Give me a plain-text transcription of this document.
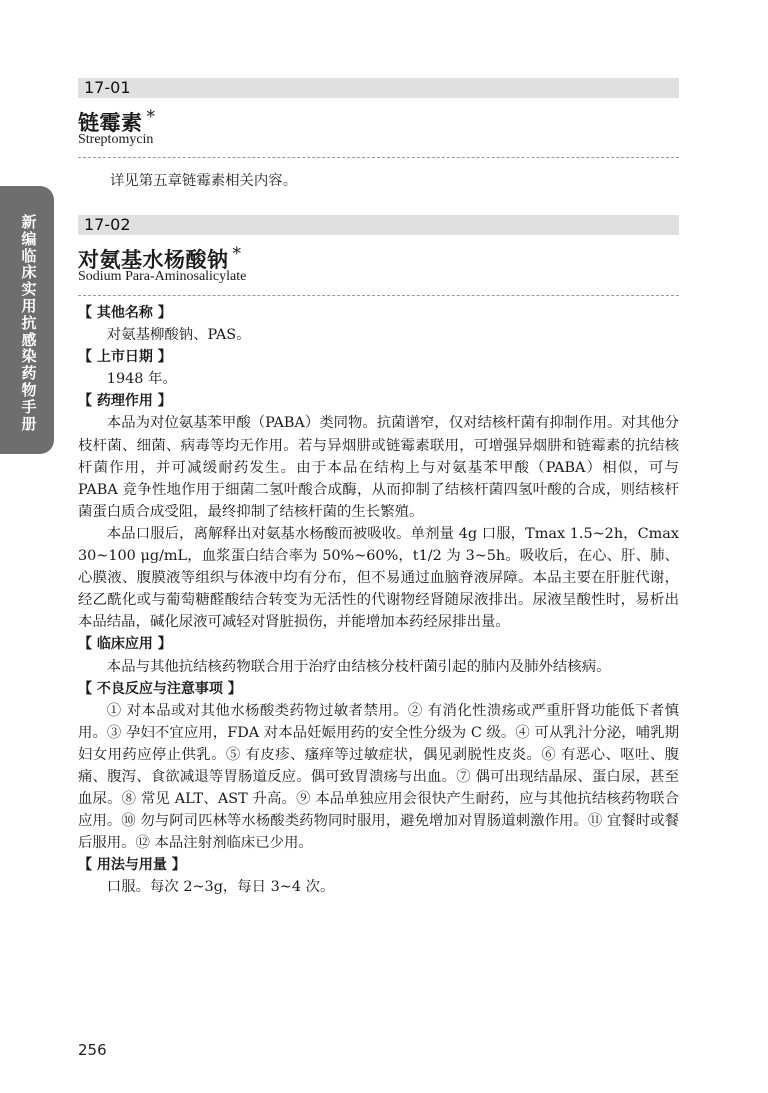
新编临床实用抗感染药物手册
17-01
链霉素 *
Streptomycin
详见第五章链霉素相关内容。
17-02
对氨基水杨酸钠 *
Sodium Para-Aminosalicylate
【 其他名称 】

对氨基柳酸钠、PAS。

【 上市日期 】

1948 年。

【 药理作用 】

本品为对位氨基苯甲酸（PABA）类同物。抗菌谱窄，仅对结核杆菌有抑制作用。对其他分枝杆菌、细菌、病毒等均无作用。若与异烟肼或链霉素联用，可增强异烟肼和链霉素的抗结核杆菌作用，并可减缓耐药发生。由于本品在结构上与对氨基苯甲酸（PABA）相似，可与 PABA 竞争性地作用于细菌二氢叶酸合成酶，从而抑制了结核杆菌四氢叶酸的合成，则结核杆菌蛋白质合成受阻，最终抑制了结核杆菌的生长繁殖。

本品口服后，离解释出对氨基水杨酸而被吸收。单剂量 4g 口服，Tmax 1.5~2h，Cmax 30~100 μg/mL，血浆蛋白结合率为 50%~60%，t1/2 为 3~5h。吸收后，在心、肝、肺、心膜液、腹膜液等组织与体液中均有分布，但不易通过血脑脊液屏障。本品主要在肝脏代谢，经乙酰化或与葡萄糖醛酸结合转变为无活性的代谢物经肾随尿液排出。尿液呈酸性时，易析出本品结晶，碱化尿液可减轻对肾脏损伤，并能增加本药经尿排出量。

【 临床应用 】

本品与其他抗结核药物联合用于治疗由结核分枝杆菌引起的肺内及肺外结核病。

【 不良反应与注意事项 】

① 对本品或对其他水杨酸类药物过敏者禁用。② 有消化性溃疡或严重肝肾功能低下者慎用。③ 孕妇不宜应用，FDA 对本品妊娠用药的安全性分级为 C 级。④ 可从乳汁分泌，哺乳期妇女用药应停止供乳。⑤ 有皮疹、瘙痒等过敏症状，偶见剥脱性皮炎。⑥ 有恶心、呕吐、腹痛、腹泻、食欲减退等胃肠道反应。偶可致胃溃疡与出血。⑦ 偶可出现结晶尿、蛋白尿，甚至血尿。⑧ 常见 ALT、AST 升高。⑨ 本品单独应用会很快产生耐药，应与其他抗结核药物联合应用。⑩ 勿与阿司匹林等水杨酸类药物同时服用，避免增加对胃肠道刺激作用。⑪ 宜餐时或餐后服用。⑫ 本品注射剂临床已少用。

【 用法与用量 】

口服。每次 2~3g，每日 3~4 次。

256
